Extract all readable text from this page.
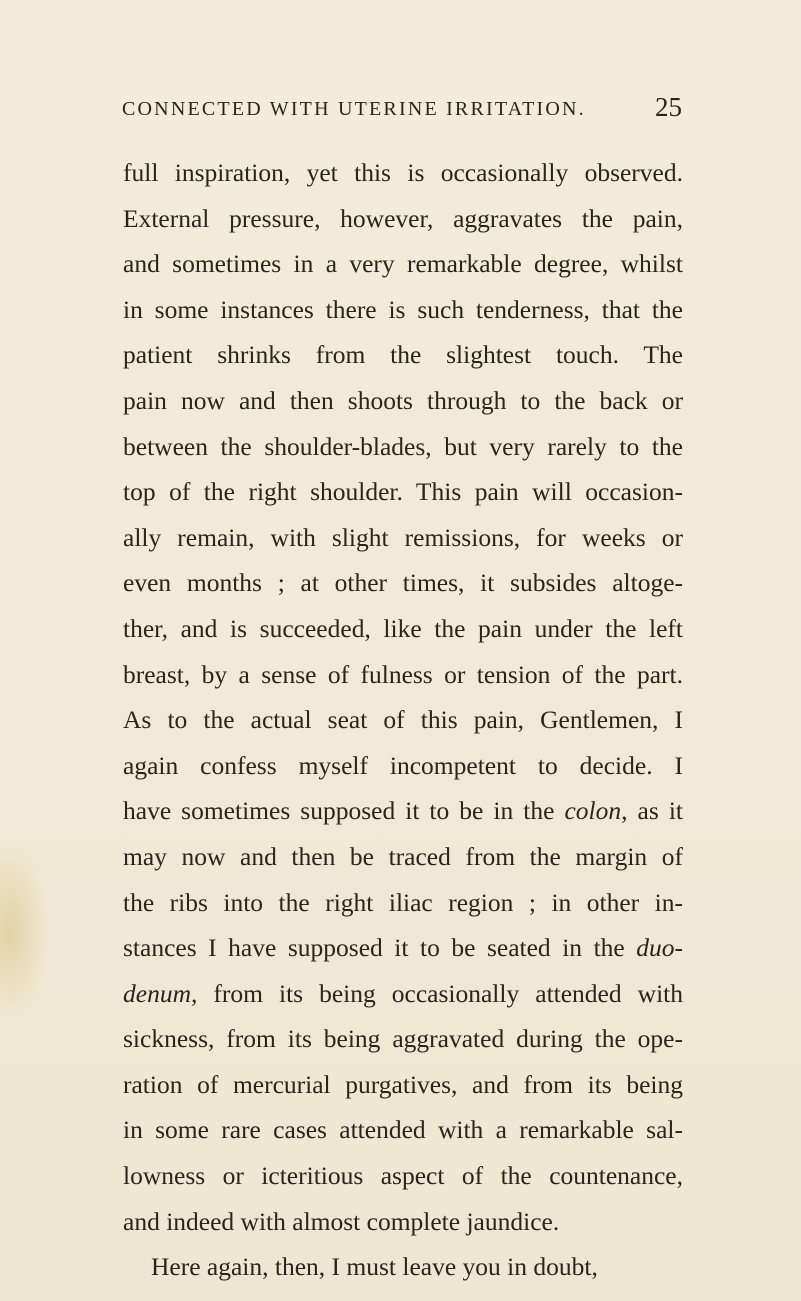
CONNECTED WITH UTERINE IRRITATION.	25
full inspiration, yet this is occasionally observed.
External pressure, however, aggravates the pain,
and sometimes in a very remarkable degree, whilst
in some instances there is such tenderness, that the
patient shrinks from the slightest touch. The
pain now and then shoots through to the back or
between the shoulder-blades, but very rarely to the
top of the right shoulder. This pain will occasion-
ally remain, with slight remissions, for weeks or
even months ; at other times, it subsides altoge-
ther, and is succeeded, like the pain under the left
breast, by a sense of fulness or tension of the part.
As to the actual seat of this pain, Gentlemen, I
again confess myself incompetent to decide. I
have sometimes supposed it to be in the colon, as it
may now and then be traced from the margin of
the ribs into the right iliac region ; in other in-
stances I have supposed it to be seated in the duo-
denum, from its being occasionally attended with
sickness, from its being aggravated during the ope-
ration of mercurial purgatives, and from its being
in some rare cases attended with a remarkable sal-
lowness or icteritious aspect of the countenance,
and indeed with almost complete jaundice.
Here again, then, I must leave you in doubt,
